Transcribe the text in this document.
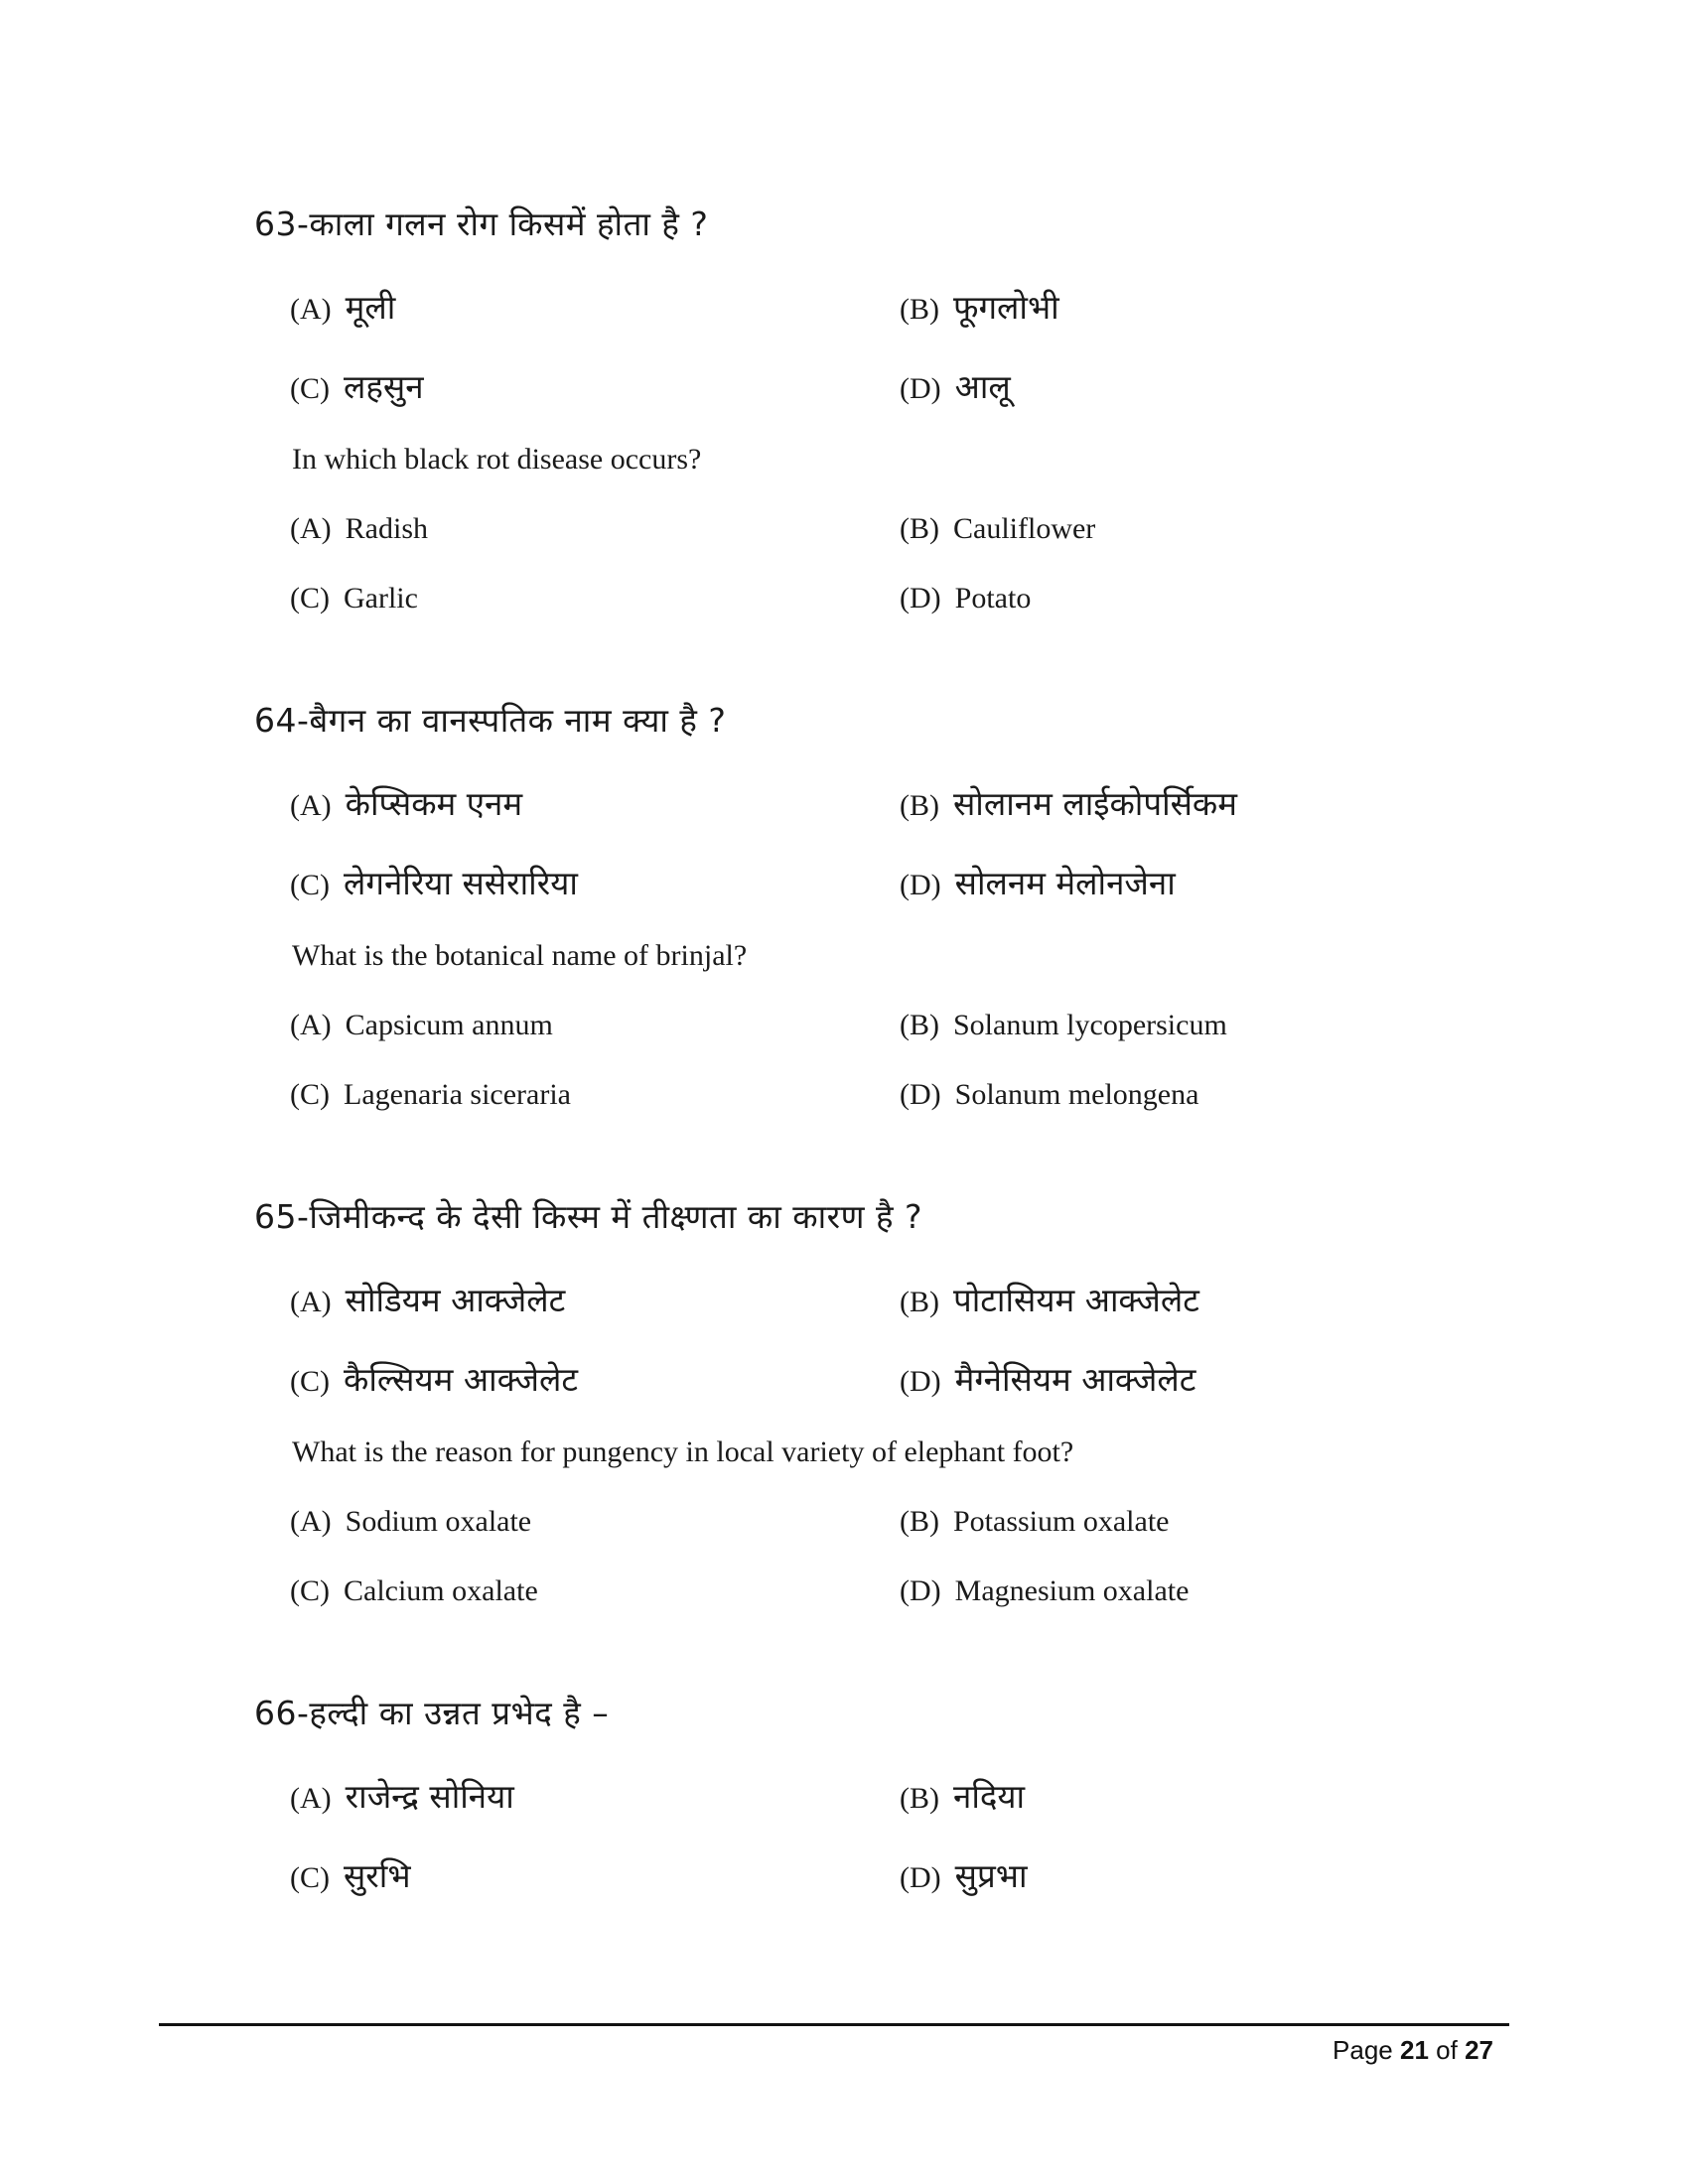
63-काला गलन रोग किसमें होता है ?
(A) मूली	(B) फूगलोभी
(C) लहसुन	(D) आलू
In which black rot disease occurs?
(A) Radish	(B) Cauliflower
(C) Garlic	(D) Potato
64-बैगन का वानस्पतिक नाम क्या है ?
(A) केप्सिकम एनम	(B) सोलानम लाईकोपर्सिकम
(C) लेगनेरिया ससेरारिया	(D) सोलनम मेलोनजेना
What is the botanical name of brinjal?
(A) Capsicum annum	(B) Solanum lycopersicum
(C) Lagenaria siceraria	(D) Solanum melongena
65-जिमीकन्द के देसी किस्म में तीक्ष्णता का कारण है ?
(A) सोडियम आक्जेलेट	(B) पोटासियम आक्जेलेट
(C) कैल्सियम आक्जेलेट	(D) मैग्नेसियम आक्जेलेट
What is the reason for pungency in local variety of elephant foot?
(A) Sodium oxalate	(B) Potassium oxalate
(C) Calcium oxalate	(D) Magnesium oxalate
66-हल्दी का उन्नत प्रभेद है –
(A) राजेन्द्र सोनिया	(B) नदिया
(C) सुरभि	(D) सुप्रभा
Page 21 of 27
